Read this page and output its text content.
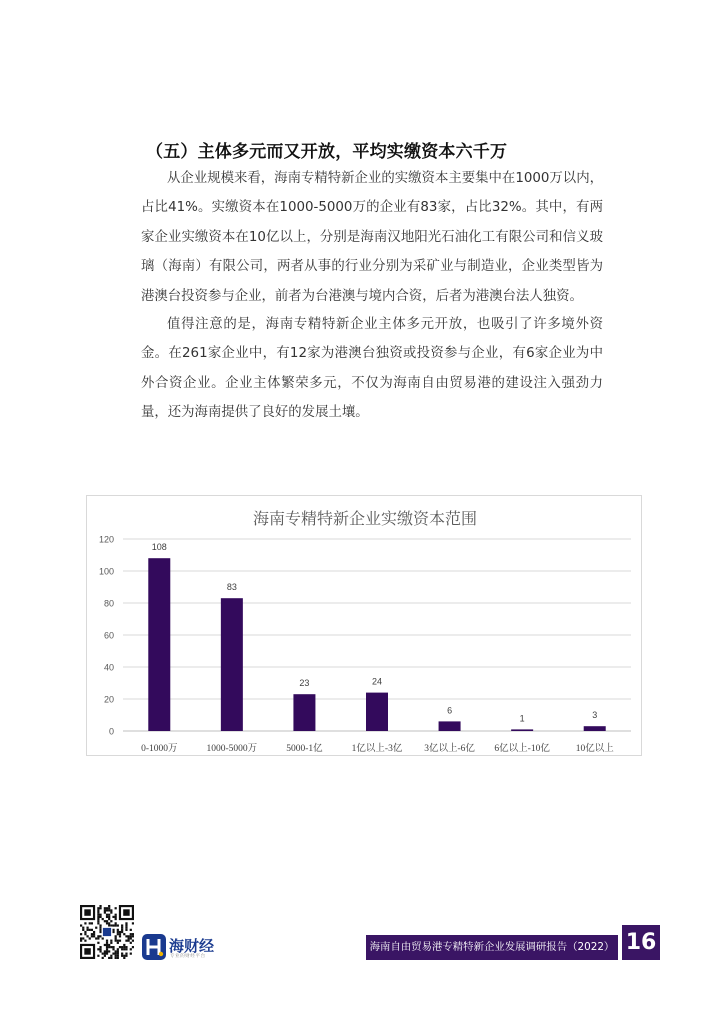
（五）主体多元而又开放，平均实缴资本六千万

从企业规模来看，海南专精特新企业的实缴资本主要集中在1000万以内，占比41%。实缴资本在1000-5000万的企业有83家，占比32%。其中，有两家企业实缴资本在10亿以上，分别是海南汉地阳光石油化工有限公司和信义玻璃（海南）有限公司，两者从事的行业分别为采矿业与制造业，企业类型皆为港澳台投资参与企业，前者为台港澳与境内合资，后者为港澳台法人独资。

值得注意的是，海南专精特新企业主体多元开放，也吸引了许多境外资金。在261家企业中，有12家为港澳台独资或投资参与企业，有6家企业为中外合资企业。企业主体繁荣多元，不仅为海南自由贸易港的建设注入强劲力量，还为海南提供了良好的发展土壤。

海南专精特新企业实缴资本范围
0
20
40
60
80
100
120
108
0-1000万
83
1000-5000万
23
5000-1亿
24
1亿以上-3亿
6
3亿以上-6亿
1
6亿以上-10亿
3
10亿以上
海财经
专业的财经平台
海南自由贸易港专精特新企业发展调研报告（2022） 16
